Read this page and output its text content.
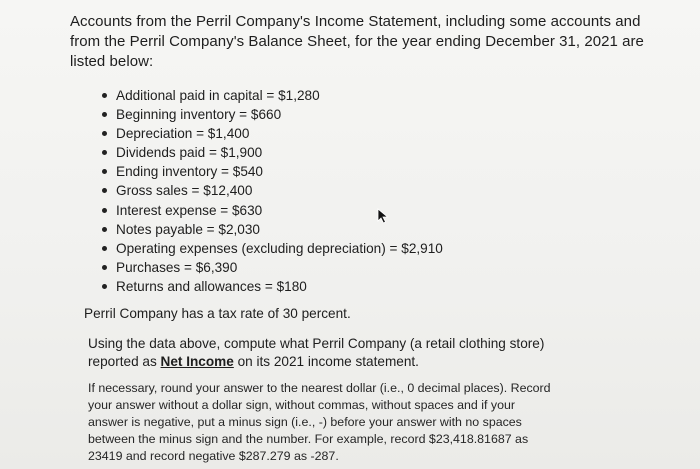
Accounts from the Perril Company's Income Statement, including some accounts and from the Perril Company's Balance Sheet, for the year ending December 31, 2021 are listed below:
Additional paid in capital = $1,280
Beginning inventory = $660
Depreciation = $1,400
Dividends paid = $1,900
Ending inventory = $540
Gross sales = $12,400
Interest expense = $630
Notes payable = $2,030
Operating expenses (excluding depreciation) = $2,910
Purchases = $6,390
Returns and allowances = $180
Perril Company has a tax rate of 30 percent.
Using the data above, compute what Perril Company (a retail clothing store) reported as Net Income on its 2021 income statement.
If necessary, round your answer to the nearest dollar (i.e., 0 decimal places). Record your answer without a dollar sign, without commas, without spaces and if your answer is negative, put a minus sign (i.e., -) before your answer with no spaces between the minus sign and the number. For example, record $23,418.81687 as 23419 and record negative $287.279 as -287.
